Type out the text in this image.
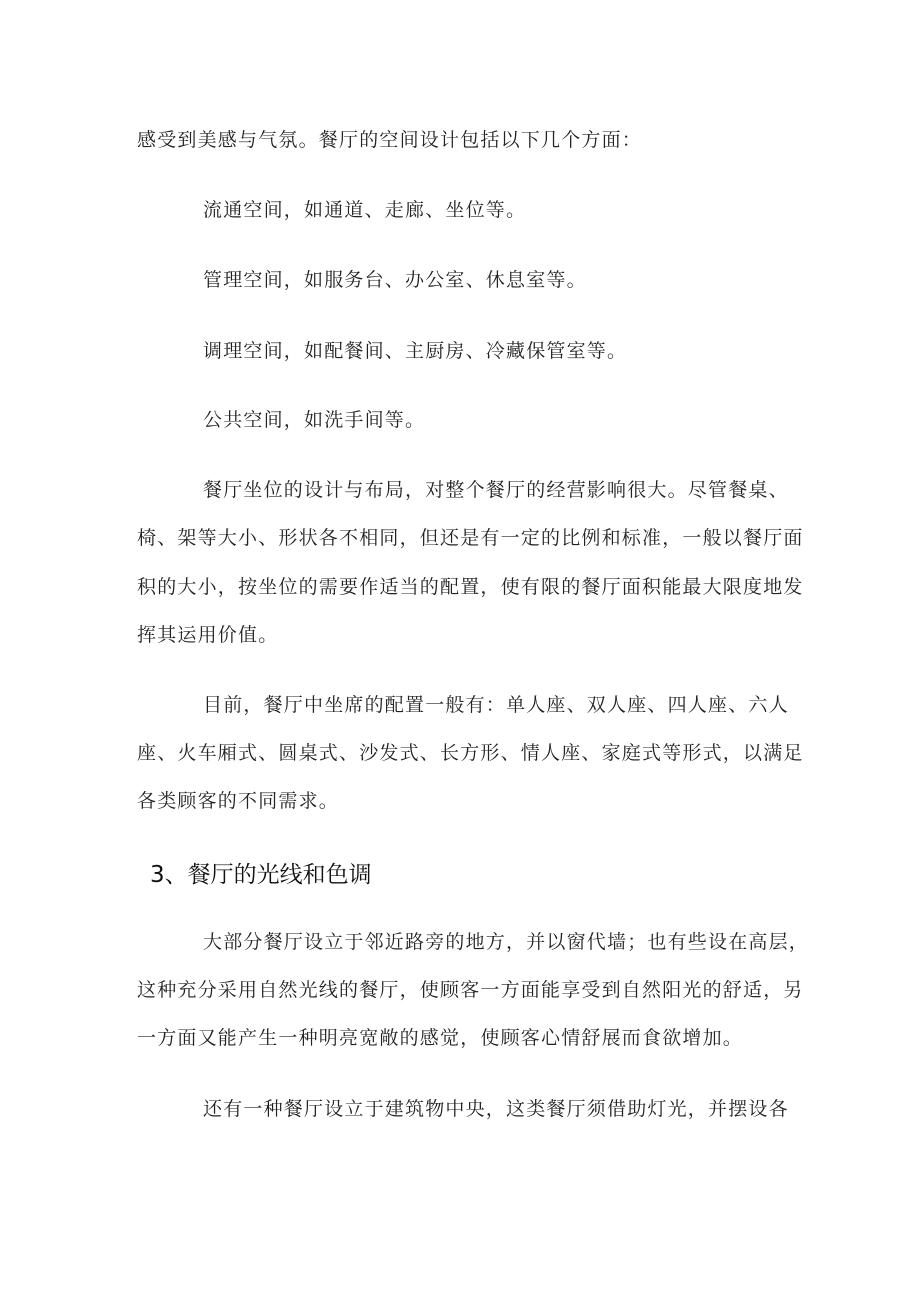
感受到美感与气氛。餐厅的空间设计包括以下几个方面：
流通空间，如通道、走廊、坐位等。
管理空间，如服务台、办公室、休息室等。
调理空间，如配餐间、主厨房、冷藏保管室等。
公共空间，如洗手间等。
餐厅坐位的设计与布局，对整个餐厅的经营影响很大。尽管餐桌、
椅、架等大小、形状各不相同，但还是有一定的比例和标准，一般以餐厅面
积的大小，按坐位的需要作适当的配置，使有限的餐厅面积能最大限度地发
挥其运用价值。
目前，餐厅中坐席的配置一般有：单人座、双人座、四人座、六人
座、火车厢式、圆桌式、沙发式、长方形、情人座、家庭式等形式，以满足
各类顾客的不同需求。
3、餐厅的光线和色调
大部分餐厅设立于邻近路旁的地方，并以窗代墙；也有些设在高层，
这种充分采用自然光线的餐厅，使顾客一方面能享受到自然阳光的舒适，另
一方面又能产生一种明亮宽敞的感觉，使顾客心情舒展而食欲增加。
还有一种餐厅设立于建筑物中央，这类餐厅须借助灯光，并摆设各
